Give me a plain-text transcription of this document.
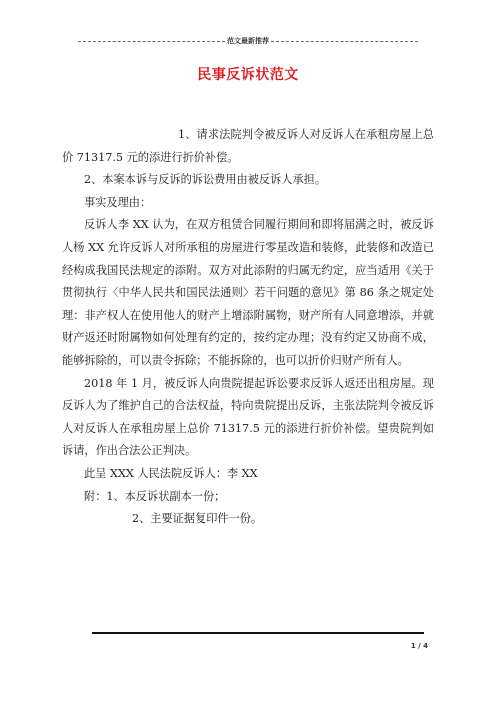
范文最新推荐
民事反诉状范文

1、请求法院判令被反诉人对反诉人在承租房屋上总价 71317.5 元的添进行折价补偿。

2、本案本诉与反诉的诉讼费用由被反诉人承担。

事实及理由：

反诉人李 XX 认为，在双方租赁合同履行期间和即将届满之时，被反诉人杨 XX 允许反诉人对所承租的房屋进行零星改造和装修，此装修和改造已经构成我国民法规定的添附。双方对此添附的归属无约定，应当适用《关于贯彻执行〈中华人民共和国民法通则〉若干问题的意见》第 86 条之规定处理：非产权人在使用他人的财产上增添附属物，财产所有人同意增添，并就财产返还时附属物如何处理有约定的，按约定办理；没有约定又协商不成，能够拆除的，可以责令拆除；不能拆除的，也可以折价归财产所有人。

2018 年 1 月，被反诉人向贵院提起诉讼要求反诉人返还出租房屋。现反诉人为了维护自己的合法权益，特向贵院提出反诉，主张法院判令被反诉人对反诉人在承租房屋上总价 71317.5 元的添进行折价补偿。望贵院判如诉请，作出合法公正判决。

此呈 XXX 人民法院反诉人：李 XX

附：1、本反诉状副本一份；

2、主要证据复印件一份。

1 / 4
